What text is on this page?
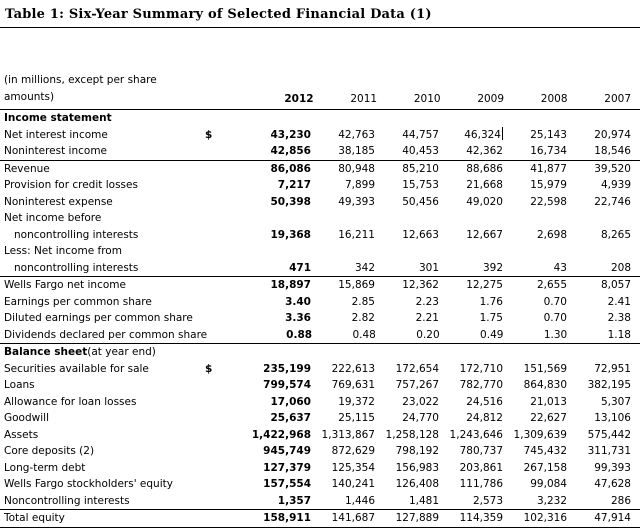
Table 1: Six-Year Summary of Selected Financial Data (1)
(in millions, except per share amounts)	2012	2011	2010	2009	2008	2007
Income statement
Net interest income	$	43,230	42,763	44,757	46,324	25,143	20,974
Noninterest income	42,856	38,185	40,453	42,362	16,734	18,546
Revenue	86,086	80,948	85,210	88,686	41,877	39,520
Provision for credit losses	7,217	7,899	15,753	21,668	15,979	4,939
Noninterest expense	50,398	49,393	50,456	49,020	22,598	22,746
Net income before
noncontrolling interests	19,368	16,211	12,663	12,667	2,698	8,265
Less: Net income from
noncontrolling interests	471	342	301	392	43	208
Wells Fargo net income	18,897	15,869	12,362	12,275	2,655	8,057
Earnings per common share	3.40	2.85	2.23	1.76	0.70	2.41
Diluted earnings per common share	3.36	2.82	2.21	1.75	0.70	2.38
Dividends declared per common share	0.88	0.48	0.20	0.49	1.30	1.18
Balance sheet (at year end)
Securities available for sale	$	235,199	222,613	172,654	172,710	151,569	72,951
Loans	799,574	769,631	757,267	782,770	864,830	382,195
Allowance for loan losses	17,060	19,372	23,022	24,516	21,013	5,307
Goodwill	25,637	25,115	24,770	24,812	22,627	13,106
Assets	1,422,968	1,313,867	1,258,128	1,243,646	1,309,639	575,442
Core deposits (2)	945,749	872,629	798,192	780,737	745,432	311,731
Long-term debt	127,379	125,354	156,983	203,861	267,158	99,393
Wells Fargo stockholders' equity	157,554	140,241	126,408	111,786	99,084	47,628
Noncontrolling interests	1,357	1,446	1,481	2,573	3,232	286
Total equity	158,911	141,687	127,889	114,359	102,316	47,914
